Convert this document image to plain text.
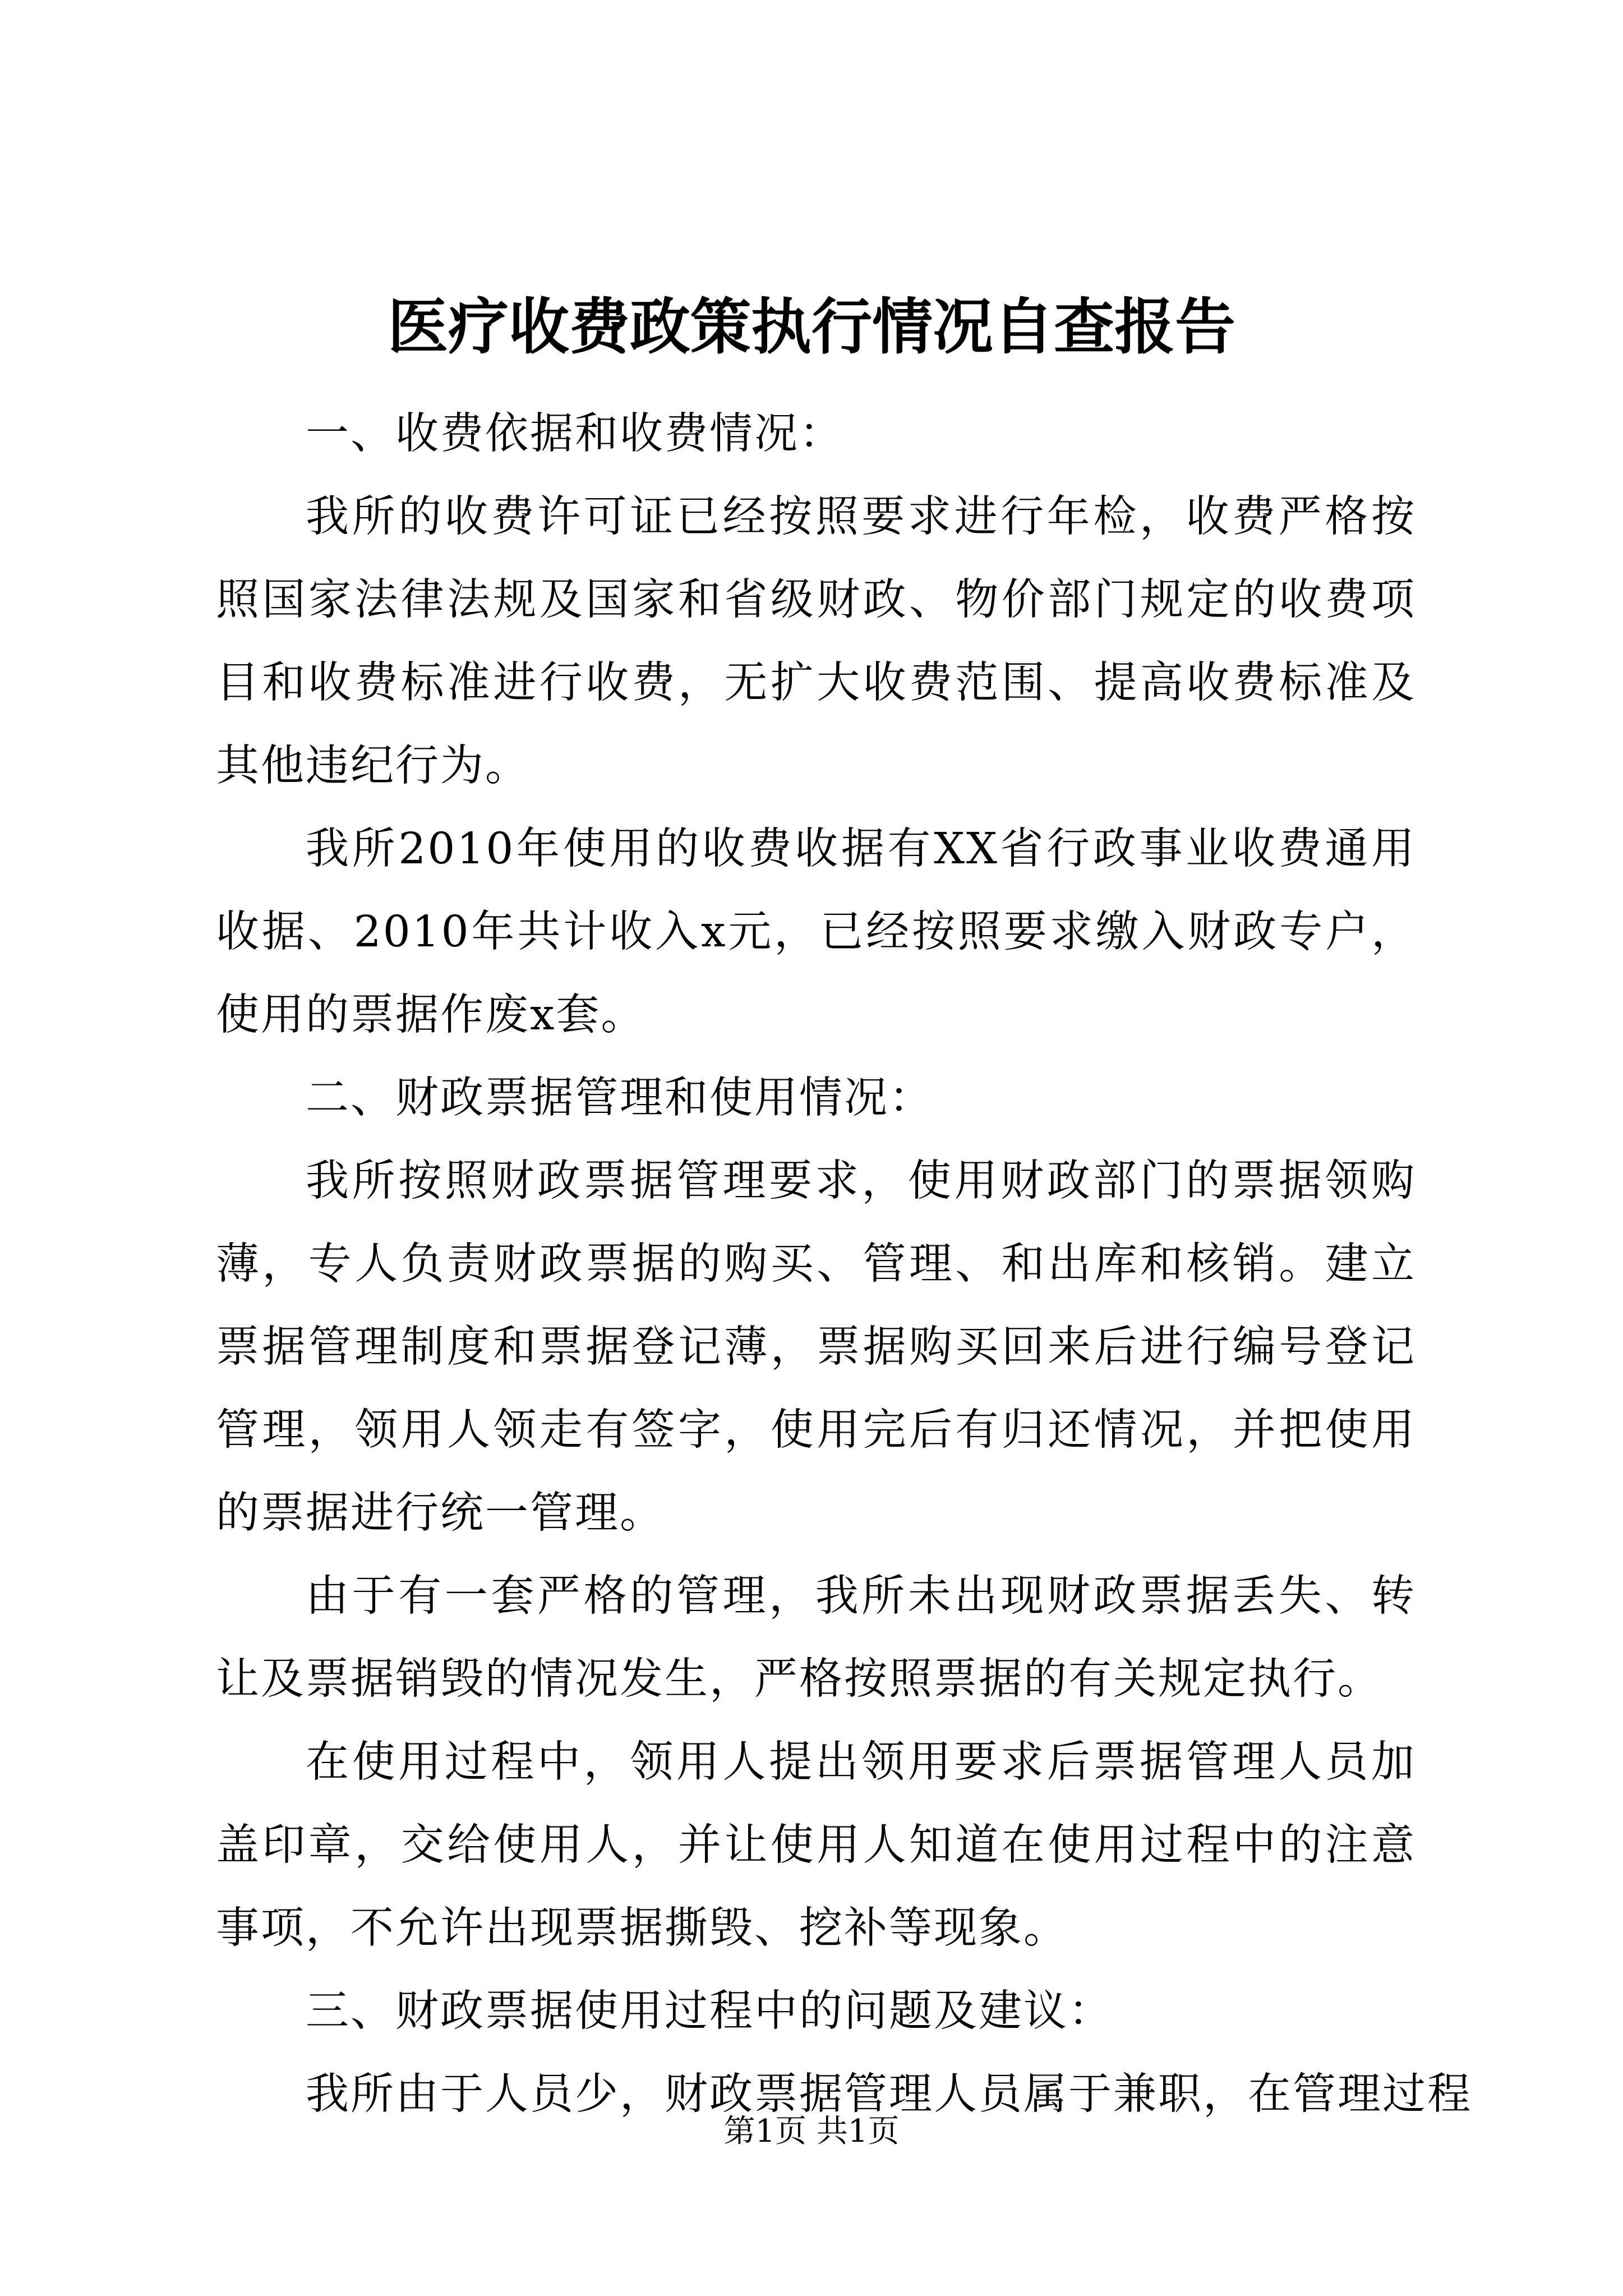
医疗收费政策执行情况自查报告

一、收费依据和收费情况：

我所的收费许可证已经按照要求进行年检，收费严格按照国家法律法规及国家和省级财政、物价部门规定的收费项目和收费标准进行收费，无扩大收费范围、提高收费标准及其他违纪行为。

我所2010年使用的收费收据有XX省行政事业收费通用收据、2010年共计收入x元，已经按照要求缴入财政专户，使用的票据作废x套。

二、财政票据管理和使用情况：

我所按照财政票据管理要求，使用财政部门的票据领购薄，专人负责财政票据的购买、管理、和出库和核销。建立票据管理制度和票据登记薄，票据购买回来后进行编号登记管理，领用人领走有签字，使用完后有归还情况，并把使用的票据进行统一管理。

由于有一套严格的管理，我所未出现财政票据丢失、转让及票据销毁的情况发生，严格按照票据的有关规定执行。

在使用过程中，领用人提出领用要求后票据管理人员加盖印章，交给使用人，并让使用人知道在使用过程中的注意事项，不允许出现票据撕毁、挖补等现象。

三、财政票据使用过程中的问题及建议：

我所由于人员少，财政票据管理人员属于兼职，在管理过程

第1页 共1页
